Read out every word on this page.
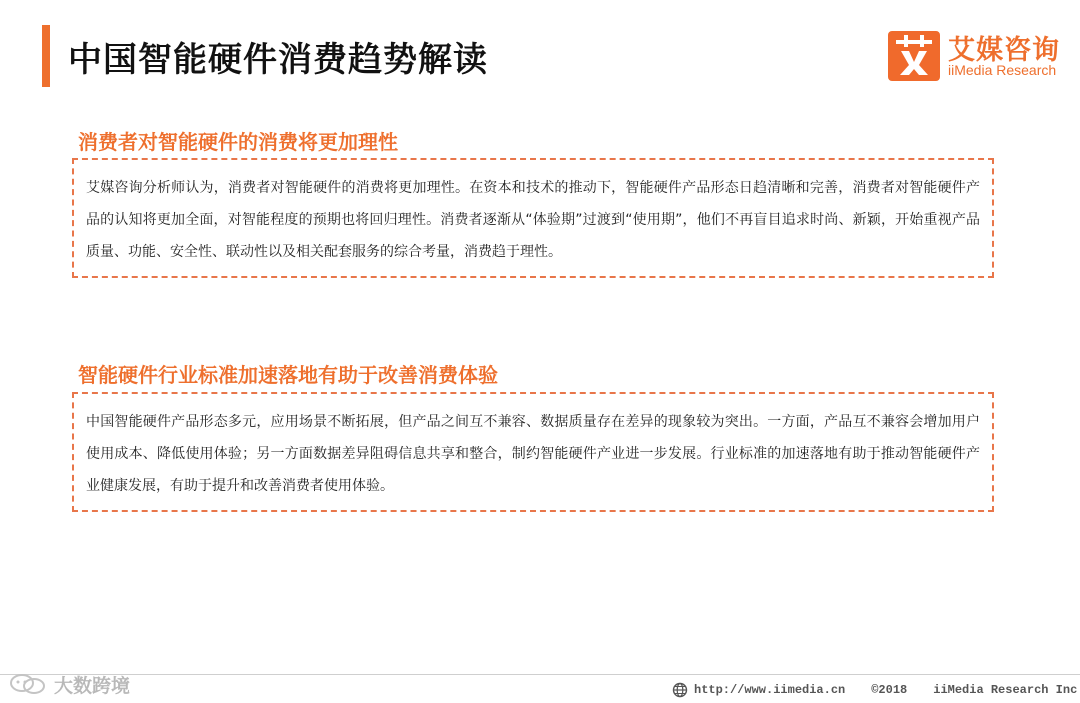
中国智能硬件消费趋势解读	艾媒咨询
iiMedia Research
消费者对智能硬件的消费将更加理性
艾媒咨询分析师认为，消费者对智能硬件的消费将更加理性。在资本和技术的推动下，智能硬件产品形态日趋清晰和完善，消费者对智能硬件产品的认知将更加全面，对智能程度的预期也将回归理性。消费者逐渐从“体验期”过渡到“使用期”，他们不再盲目追求时尚、新颖，开始重视产品质量、功能、安全性、联动性以及相关配套服务的综合考量，消费趋于理性。
智能硬件行业标准加速落地有助于改善消费体验
中国智能硬件产品形态多元，应用场景不断拓展，但产品之间互不兼容、数据质量存在差异的现象较为突出。一方面，产品互不兼容会增加用户使用成本、降低使用体验；另一方面数据差异阻碍信息共享和整合，制约智能硬件产业进一步发展。行业标准的加速落地有助于推动智能硬件产业健康发展，有助于提升和改善消费者使用体验。
大数跨境	http://www.iimedia.cn ©2018 iiMedia Research Inc
